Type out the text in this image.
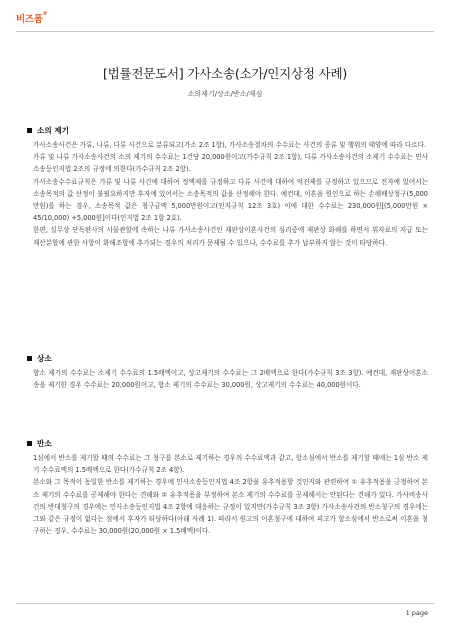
비즈폼®
[법률전문도서] 가사소송(소가/인지상정 사례)
소의제기/상소/반소/재심
소의 제기

가사소송사건은 가류, 나류, 다류 사건으로 분류되고(가소 2조 1항), 가사소송절차의 수수료는 사건의 종류 및 행위의 태양에 따라 다르다.

가류 및 나류 가사소송사건의 소의 제기의 수수료는 1건당 20,000원이고(가수규칙 2조 1항), 다류 가사소송사건의 소제기 수수료는 민사소송등인지법 2조의 규정에 의한다(가수규칙 2조 2항).

가사소송수수료규칙은 가류 및 나류 사건에 대하여 정액제를 규정하고 다류 사건에 대하여 억진제를 규정하고 있으므로 전자에 있어서는 소송목적의 값 산정이 불필요하지만 후자에 있어서는 소송목적의 값을 산정해야 한다. 예컨대, 이혼을 원인으로 하는 손해배상청구(5,000만원)를 하는 경우, 소송목적 값은 청구금액 5,000만원이고(인지규칙 12조 3호) 이에 대한 수수료는 230,000원[(5,000만원 × 45/10,000) +5,000원]이다(인지법 2조 1항 2호).

한편, 실무상 단독판사의 사물관할에 속하는 나류 가사소송사건인 재판상이혼사건의 심리중에 재판상 화해를 하면서 위자료의 지급 또는 재산분할에 관한 사항이 화해조항에 추가되는 경우의 처리가 문제될 수 있으나, 수수료를 추가 납부하지 않는 것이 타당하다.

상소

항소 제기의 수수료는 소제기 수수료의 1.5배액이고, 상고제기의 수수료는 그 2배액으로 한다(가수규칙 3조 3항). 예컨대, 재판상이혼소송을 제기한 경우 수수료는 20,000원이고, 항소 제기의 수수료는 30,000원, 상고제기의 수수료는 40,000원이다.

반소

1심에서 반소를 제기할 때의 수수료는 그 청구를 본소로 제기하는 경우의 수수료액과 같고, 항소심에서 반소를 제기할 때에는 1심 반소 제기 수수료액의 1.5배액으로 한다(가수규칙 2조 4항).

본소와 그 목적이 동일한 반소를 제기하는 경우에 민사소송등인지법 4조 2항을 유추적용할 것인지와 관련하여 ① 유추적용을 긍정하여 본소 제기의 수수료를 공제해야 한다는 견해와 ② 유추적용을 부정하여 본소 제기의 수수료를 공제해서는 안된다는 견해가 있다. 가사비송사건의 반대청구의 경우에는 민사소송등인지법 4조 2항에 대응하는 규정이 있지만(가수규칙 3조 3항) 가사소송사건의 반소청구의 경우에는 그와 같은 규정이 없다는 점에서 후자가 타당하다(아래 사례 1). 따라서 원고의 이혼청구에 대하여 피고가 항소심에서 반소로써 이혼을 청구하는 경우, 수수료는 30,000원(20,000원 × 1.5배액)이다.

1 page
